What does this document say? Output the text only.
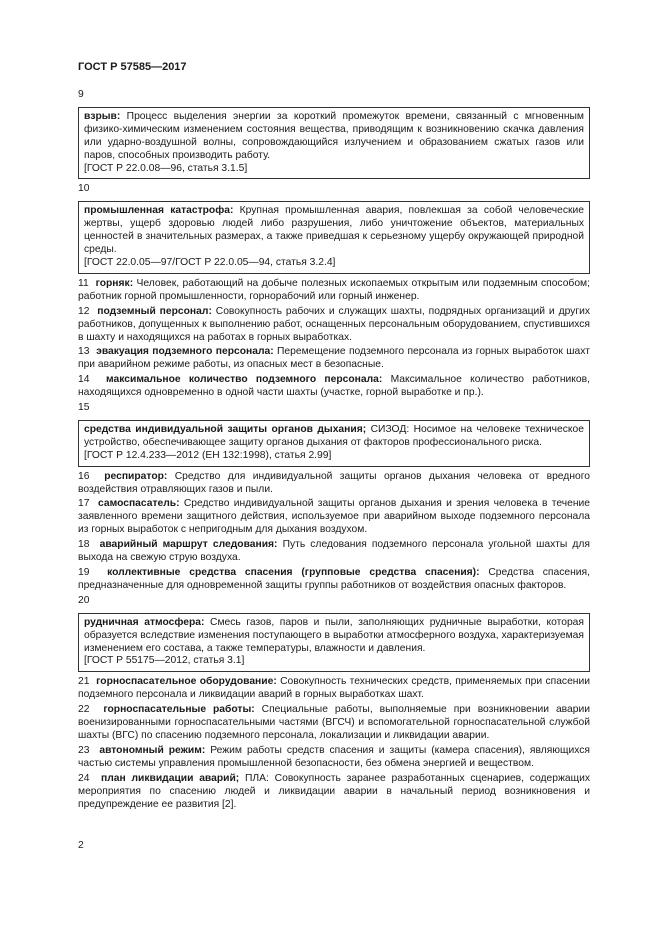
ГОСТ Р 57585—2017
9
взрыв: Процесс выделения энергии за короткий промежуток времени, связанный с мгновенным физико-химическим изменением состояния вещества, приводящим к возникновению скачка давления или ударно-воздушной волны, сопровождающийся излучением и образованием сжатых газов или паров, способных производить работу.
[ГОСТ Р 22.0.08—96, статья 3.1.5]
10
промышленная катастрофа: Крупная промышленная авария, повлекшая за собой человеческие жертвы, ущерб здоровью людей либо разрушения, либо уничтожение объектов, материальных ценностей в значительных размерах, а также приведшая к серьезному ущербу окружающей природной среды.
[ГОСТ 22.0.05—97/ГОСТ Р 22.0.05—94, статья 3.2.4]
11 горняк: Человек, работающий на добыче полезных ископаемых открытым или подземным способом; работник горной промышленности, горнорабочий или горный инженер.
12 подземный персонал: Совокупность рабочих и служащих шахты, подрядных организаций и других работников, допущенных к выполнению работ, оснащенных персональным оборудованием, спустившихся в шахту и находящихся на работах в горных выработках.
13 эвакуация подземного персонала: Перемещение подземного персонала из горных выработок шахт при аварийном режиме работы, из опасных мест в безопасные.
14 максимальное количество подземного персонала: Максимальное количество работников, находящихся одновременно в одной части шахты (участке, горной выработке и пр.).
15
средства индивидуальной защиты органов дыхания; СИЗОД: Носимое на человеке техническое устройство, обеспечивающее защиту органов дыхания от факторов профессионального риска.
[ГОСТ Р 12.4.233—2012 (ЕН 132:1998), статья 2.99]
16 респиратор: Средство для индивидуальной защиты органов дыхания человека от вредного воздействия отравляющих газов и пыли.
17 самоспасатель: Средство индивидуальной защиты органов дыхания и зрения человека в течение заявленного времени защитного действия, используемое при аварийном выходе подземного персонала из горных выработок с непригодным для дыхания воздухом.
18 аварийный маршрут следования: Путь следования подземного персонала угольной шахты для выхода на свежую струю воздуха.
19 коллективные средства спасения (групповые средства спасения): Средства спасения, предназначенные для одновременной защиты группы работников от воздействия опасных факторов.
20
рудничная атмосфера: Смесь газов, паров и пыли, заполняющих рудничные выработки, которая образуется вследствие изменения поступающего в выработки атмосферного воздуха, характеризуемая изменением его состава, а также температуры, влажности и давления.
[ГОСТ Р 55175—2012, статья 3.1]
21 горноспасательное оборудование: Совокупность технических средств, применяемых при спасении подземного персонала и ликвидации аварий в горных выработках шахт.
22 горноспасательные работы: Специальные работы, выполняемые при возникновении аварии военизированными горноспасательными частями (ВГСЧ) и вспомогательной горноспасательной службой шахты (ВГС) по спасению подземного персонала, локализации и ликвидации аварии.
23 автономный режим: Режим работы средств спасения и защиты (камера спасения), являющихся частью системы управления промышленной безопасности, без обмена энергией и веществом.
24 план ликвидации аварий; ПЛА: Совокупность заранее разработанных сценариев, содержащих мероприятия по спасению людей и ликвидации аварии в начальный период возникновения и предупреждение ее развития [2].
2
